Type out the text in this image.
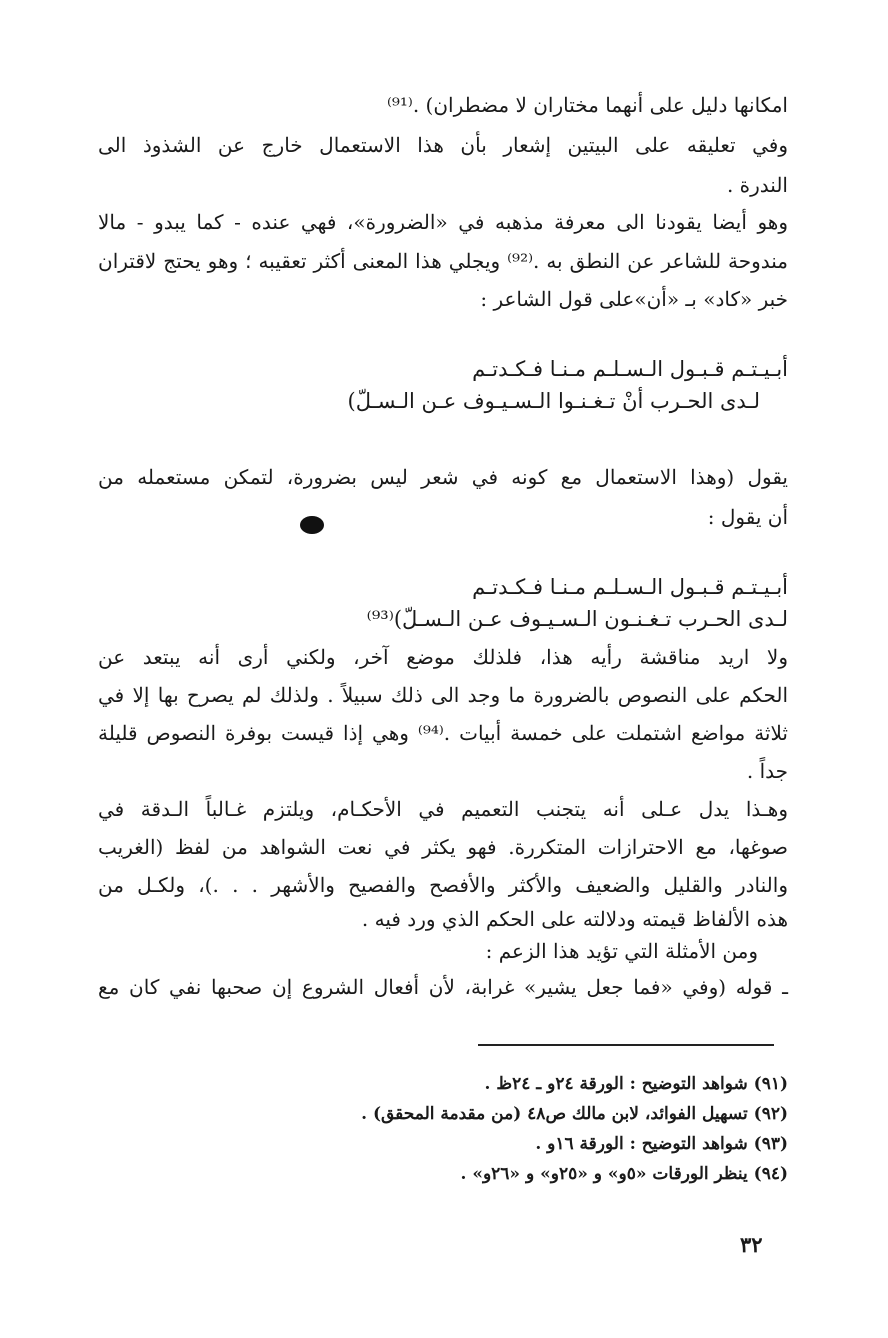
امكانها دليل على أنهما مختاران لا مضطران) .⁽⁹¹⁾
وفي تعليقه على البيتين إشعار بأن هذا الاستعمال خارج عن الشذوذ الى
الندرة .
وهو أيضا يقودنا الى معرفة مذهبه في «الضرورة»، فهي عنده - كما يبدو - مالا
مندوحة للشاعر عن النطق به .⁽⁹²⁾ ويجلي هذا المعنى أكثر تعقيبه ؛ وهو يحتج لاقتران
خبر «كاد» بـ «أن»على قول الشاعر :
أبـيـتـم قـبـول الـسـلـم مـنـا فـكـدتـم
لـدى الحـرب أنْ تـغـنـوا الـسـيـوف عـن الـسـلّ)
يقول (وهذا الاستعمال مع كونه في شعر ليس بضرورة، لتمكن مستعمله من
أن يقول :
أبـيـتـم قـبـول الـسـلـم مـنـا فـكـدتـم
لـدى الحـرب تـغـنـون الـسـيـوف عـن الـسـلّ)⁽⁹³⁾
ولا اريد مناقشة رأيه هذا، فلذلك موضع آخر، ولكني أرى أنه يبتعد عن
الحكم على النصوص بالضرورة ما وجد الى ذلك سبيلاً . ولذلك لم يصرح بها إلا في
ثلاثة مواضع اشتملت على خمسة أبيات .⁽⁹⁴⁾ وهي إذا قيست بوفرة النصوص قليلة
جداً .
وهـذا يدل عـلى أنه يتجنب التعميم في الأحكـام، ويلتزم غـالباً الـدقة في
صوغها، مع الاحترازات المتكررة. فهو يكثر في نعت الشواهد من لفظ (الغريب
والنادر والقليل والضعيف والأكثر والأفصح والفصيح والأشهر . . .)، ولكـل من
هذه الألفاظ قيمته ودلالته على الحكم الذي ورد فيه .
ومن الأمثلة التي تؤيد هذا الزعم :
ـ قوله (وفي «فما جعل يشير» غرابة، لأن أفعال الشروع إن صحبها نفي كان مع
(٩١) شواهد التوضيح : الورقة ٢٤و ـ ٢٤ظ .
(٩٢) تسهيل الفوائد، لابن مالك ص٤٨ (من مقدمة المحقق) .
(٩٣) شواهد التوضيح : الورقة ١٦و .
(٩٤) ينظر الورقات «٥و» و «٢٥و» و «٢٦و» .
٣٢
